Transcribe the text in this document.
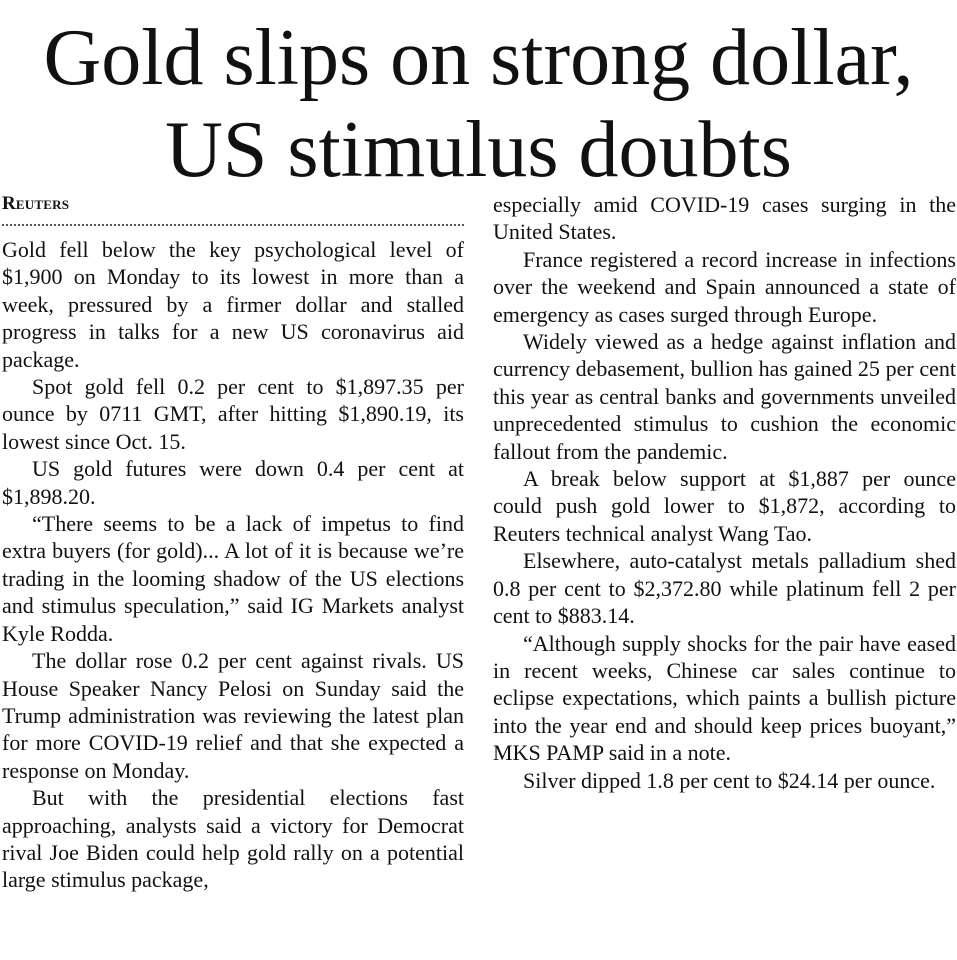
Gold slips on strong dollar, US stimulus doubts

Reuters

Gold fell below the key psychological level of $1,900 on Monday to its lowest in more than a week, pressured by a firmer dollar and stalled progress in talks for a new US coronavirus aid package.

Spot gold fell 0.2 per cent to $1,897.35 per ounce by 0711 GMT, after hitting $1,890.19, its lowest since Oct. 15.

US gold futures were down 0.4 per cent at $1,898.20.

“There seems to be a lack of impetus to find extra buyers (for gold)... A lot of it is because we’re trading in the looming shadow of the US elections and stimulus speculation,” said IG Markets analyst Kyle Rodda.

The dollar rose 0.2 per cent against rivals. US House Speaker Nancy Pelosi on Sunday said the Trump administration was reviewing the latest plan for more COVID-19 relief and that she expected a response on Monday.

But with the presidential elections fast approaching, analysts said a victory for Democrat rival Joe Biden could help gold rally on a potential large stimulus package,

especially amid COVID-19 cases surging in the United States.

France registered a record increase in infections over the weekend and Spain announced a state of emergency as cases surged through Europe.

Widely viewed as a hedge against inflation and currency debasement, bullion has gained 25 per cent this year as central banks and governments unveiled unprecedented stimulus to cushion the economic fallout from the pandemic.

A break below support at $1,887 per ounce could push gold lower to $1,872, according to Reuters technical analyst Wang Tao.

Elsewhere, auto-catalyst metals palladium shed 0.8 per cent to $2,372.80 while platinum fell 2 per cent to $883.14.

“Although supply shocks for the pair have eased in recent weeks, Chinese car sales continue to eclipse expectations, which paints a bullish picture into the year end and should keep prices buoyant,” MKS PAMP said in a note.

Silver dipped 1.8 per cent to $24.14 per ounce.
